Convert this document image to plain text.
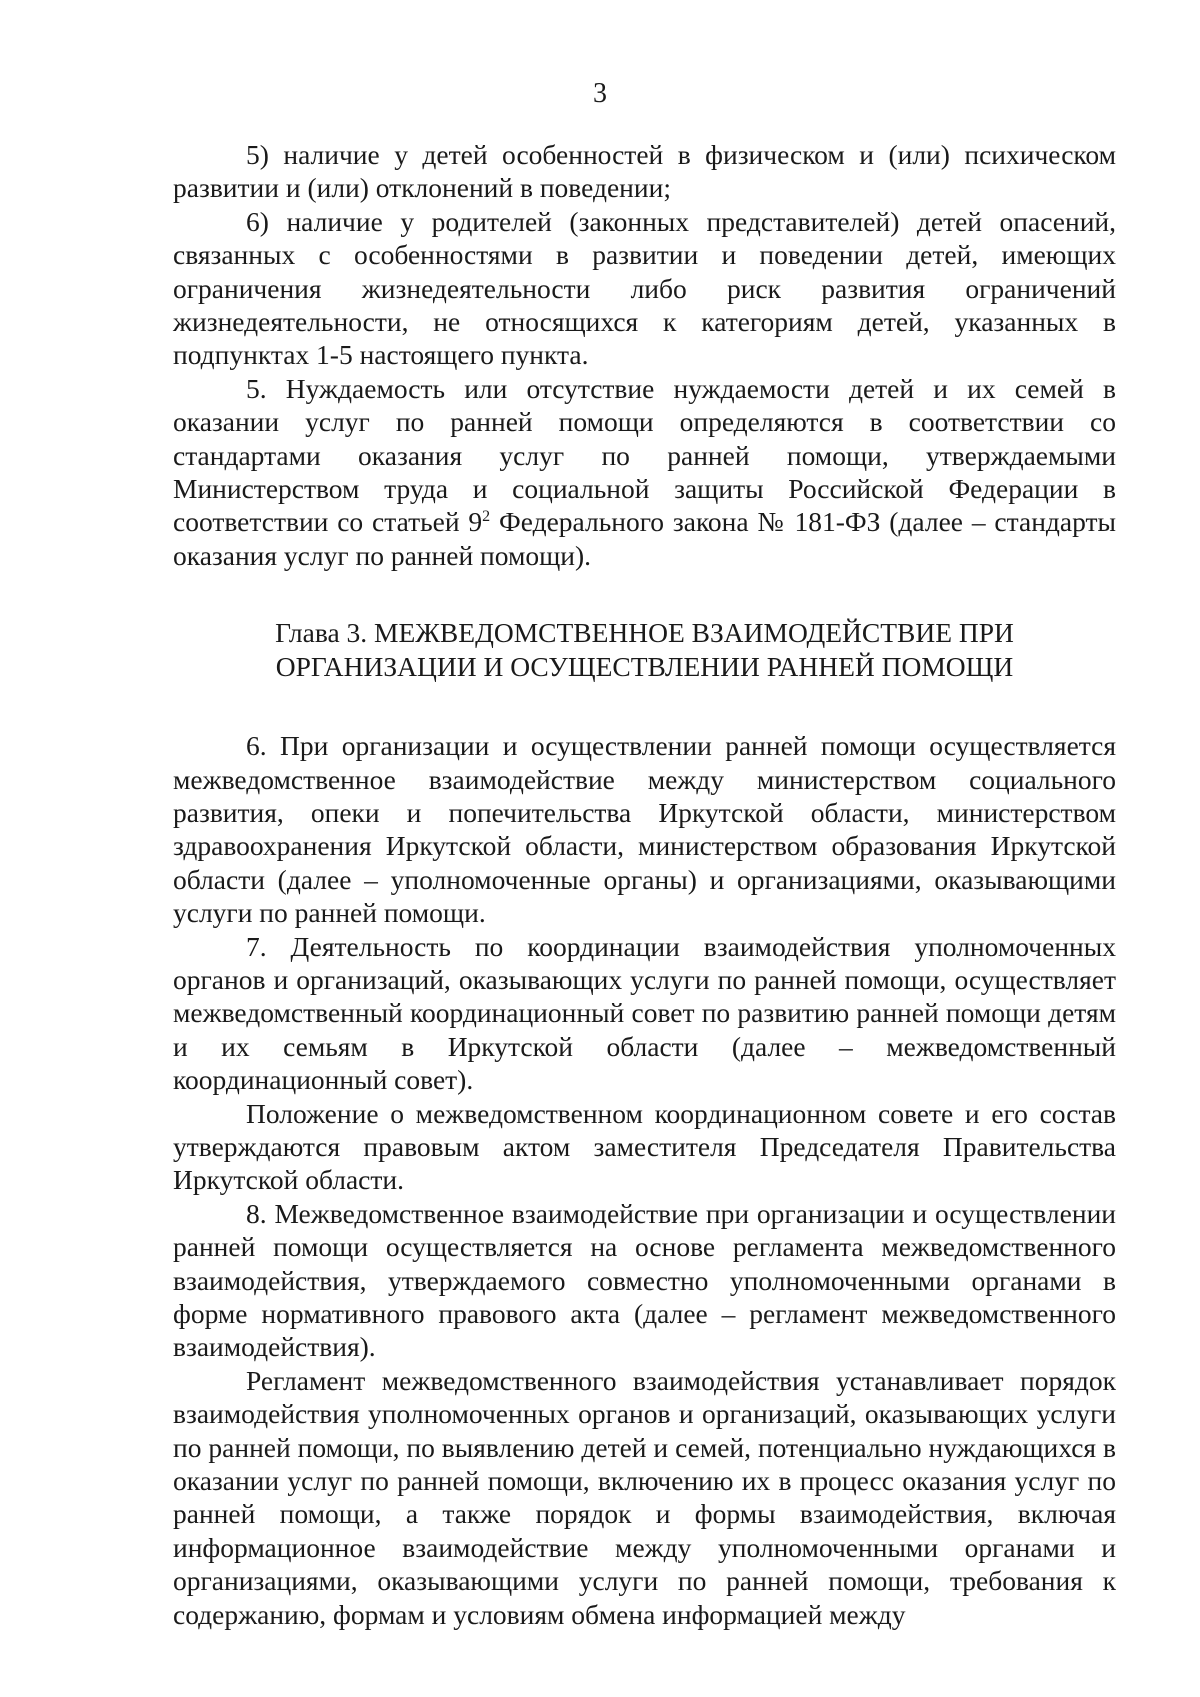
3

5) наличие у детей особенностей в физическом и (или) психическом развитии и (или) отклонений в поведении;

6) наличие у родителей (законных представителей) детей опасений, связанных с особенностями в развитии и поведении детей, имеющих ограничения жизнедеятельности либо риск развития ограничений жизнедеятельности, не относящихся к категориям детей, указанных в подпунктах 1-5 настоящего пункта.

5. Нуждаемость или отсутствие нуждаемости детей и их семей в оказании услуг по ранней помощи определяются в соответствии со стандартами оказания услуг по ранней помощи, утверждаемыми Министерством труда и социальной защиты Российской Федерации в соответствии со статьей $9^2$ Федерального закона № 181-ФЗ (далее – стандарты оказания услуг по ранней помощи).

Глава 3. МЕЖВЕДОМСТВЕННОЕ ВЗАИМОДЕЙСТВИЕ ПРИ
ОРГАНИЗАЦИИ И ОСУЩЕСТВЛЕНИИ РАННЕЙ ПОМОЩИ

6. При организации и осуществлении ранней помощи осуществляется межведомственное взаимодействие между министерством социального развития, опеки и попечительства Иркутской области, министерством здравоохранения Иркутской области, министерством образования Иркутской области (далее – уполномоченные органы) и организациями, оказывающими услуги по ранней помощи.

7. Деятельность по координации взаимодействия уполномоченных органов и организаций, оказывающих услуги по ранней помощи, осуществляет межведомственный координационный совет по развитию ранней помощи детям и их семьям в Иркутской области (далее – межведомственный координационный совет).

Положение о межведомственном координационном совете и его состав утверждаются правовым актом заместителя Председателя Правительства Иркутской области.

8. Межведомственное взаимодействие при организации и осуществлении ранней помощи осуществляется на основе регламента межведомственного взаимодействия, утверждаемого совместно уполномоченными органами в форме нормативного правового акта (далее – регламент межведомственного взаимодействия).

Регламент межведомственного взаимодействия устанавливает порядок взаимодействия уполномоченных органов и организаций, оказывающих услуги по ранней помощи, по выявлению детей и семей, потенциально нуждающихся в оказании услуг по ранней помощи, включению их в процесс оказания услуг по ранней помощи, а также порядок и формы взаимодействия, включая информационное взаимодействие между уполномоченными органами и организациями, оказывающими услуги по ранней помощи, требования к содержанию, формам и условиям обмена информацией между
